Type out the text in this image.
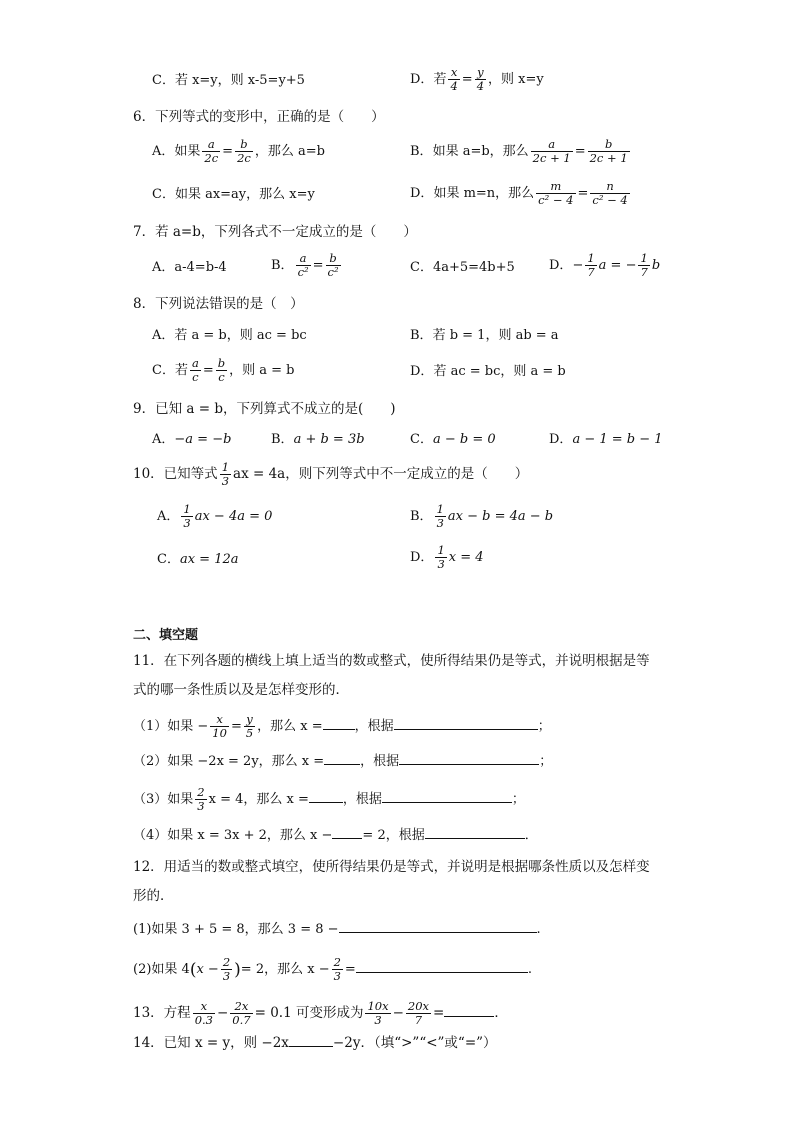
C．若 x=y，则 x-5=y+5	D．若 $\frac{x}{4} = \frac{y}{4}$ ，则 x=y
6．下列等式的变形中，正确的是（　　）
A．如果 $\frac{a}{2c} = \frac{b}{2c}$ ，那么 a=b	B．如果 a=b，那么 $\frac{a}{2c + 1} = \frac{b}{2c + 1}$
C．如果 ax=ay，那么 x=y	D．如果 m=n，那么 $\frac{m}{\text{c² − 4}} = \frac{n}{\text{c² − 4}}$
7．若 a=b，下列各式不一定成立的是（　　）
A．a-4=b-4	B． $\frac{a}{\text{c²}} = \frac{b}{\text{c²}}$	C．4a+5=4b+5	D．− $\frac{1}{7}$ a = − $\frac{1}{7}$ b
8．下列说法错误的是（　）
A．若 a = b，则 ac = bc	B．若 b = 1，则 ab = a
C．若 $\frac{a}{c} = \frac{b}{c}$ ，则 a = b	D．若 ac = bc，则 a = b
9．已知 a = b，下列算式不成立的是(　　)
A．−a = −b	B．a + b = 3b	C．a − b = 0	D．a − 1 = b − 1
10．已知等式 $\frac{1}{3}$ ax = 4a，则下列等式中不一定成立的是（　　）
A． $\frac{1}{3}$ ax − 4a = 0	B． $\frac{1}{3}$ ax − b = 4a − b
C．ax = 12a	D． $\frac{1}{3}$ x = 4
二、填空题
11．在下列各题的横线上填上适当的数或整式，使所得结果仍是等式，并说明根据是等
式的哪一条性质以及是怎样变形的．
（1）如果 − $\frac{x}{10} = \frac{y}{5}$ ，那么 x = ，根据	；
（2）如果 −2x = 2y，那么 x =	，根据	；
（3）如果 $\frac{2}{3}$ x = 4，那么 x =	，根据	；
（4）如果 x = 3x + 2，那么 x − = 2，根据	．
12．用适当的数或整式填空，使所得结果仍是等式，并说明是根据哪条性质以及怎样变
形的．
(1)如果 3 + 5 = 8，那么 3 = 8 −	.
(2)如果 $4(x - \frac{2}{3}$ )= 2，那么 $x - \frac{2}{3}$ =	.
13．方程 $\frac{x}{0.3} - \frac{2x}{0.7} = 0.1$ 可变形成为 $\frac{10x}{3} - \frac{20x}{7}$ =	．
14．已知 x = y，则 −2x	−2y．（填“>”“<”或“=”）
